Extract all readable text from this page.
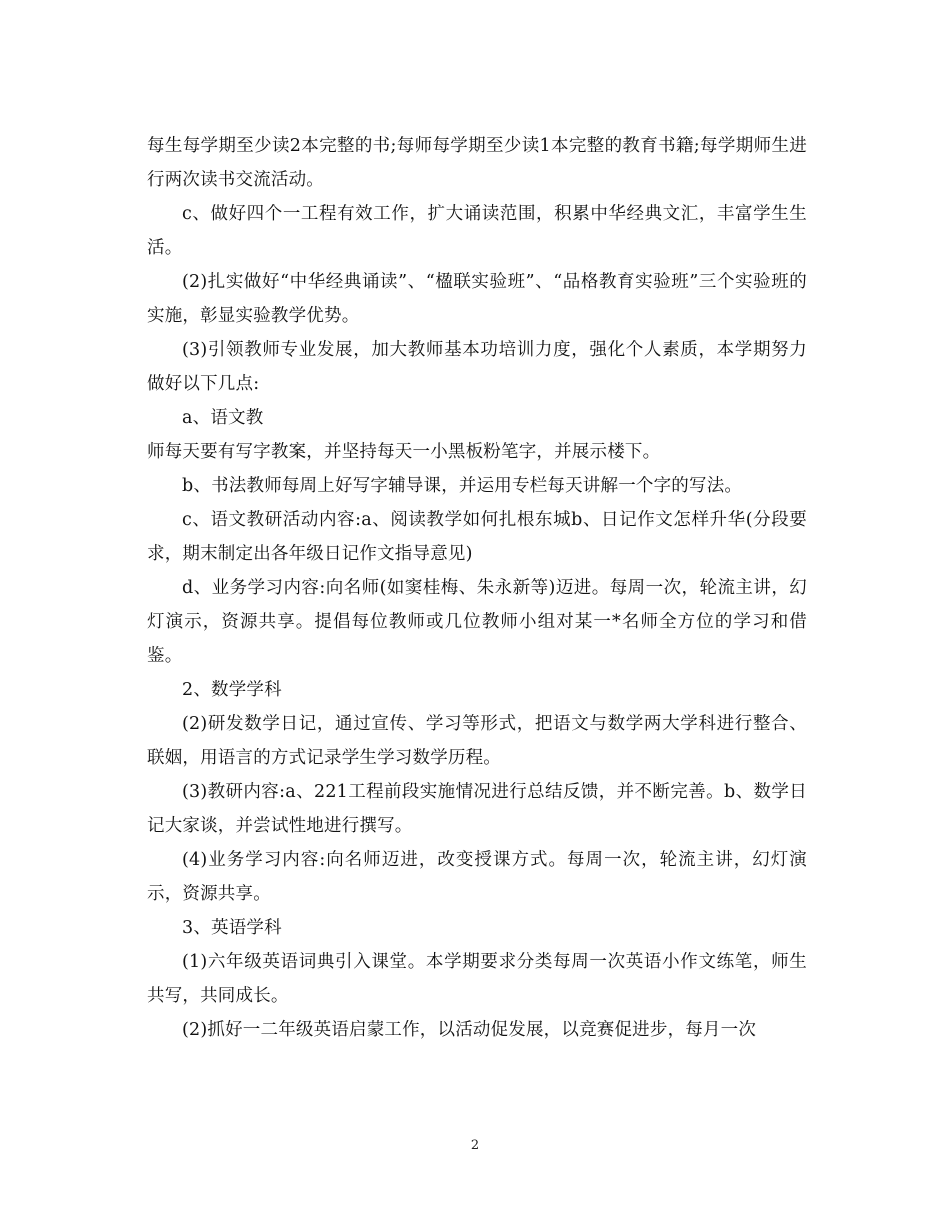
每生每学期至少读2本完整的书;每师每学期至少读1本完整的教育书籍;每学期师生进行两次读书交流活动。

c、做好四个一工程有效工作，扩大诵读范围，积累中华经典文汇，丰富学生生活。

(2)扎实做好“中华经典诵读”、“楹联实验班”、“品格教育实验班”三个实验班的实施，彰显实验教学优势。

(3)引领教师专业发展，加大教师基本功培训力度，强化个人素质，本学期努力做好以下几点:

a、语文教

师每天要有写字教案，并坚持每天一小黑板粉笔字，并展示楼下。

b、书法教师每周上好写字辅导课，并运用专栏每天讲解一个字的写法。

c、语文教研活动内容:a、阅读教学如何扎根东城b、日记作文怎样升华(分段要求，期末制定出各年级日记作文指导意见)

d、业务学习内容:向名师(如窦桂梅、朱永新等)迈进。每周一次，轮流主讲，幻灯演示，资源共享。提倡每位教师或几位教师小组对某一*名师全方位的学习和借鉴。

2、数学学科

(2)研发数学日记，通过宣传、学习等形式，把语文与数学两大学科进行整合、联姻，用语言的方式记录学生学习数学历程。

(3)教研内容:a、221工程前段实施情况进行总结反馈，并不断完善。b、数学日记大家谈，并尝试性地进行撰写。

(4)业务学习内容:向名师迈进，改变授课方式。每周一次，轮流主讲，幻灯演示，资源共享。

3、英语学科

(1)六年级英语词典引入课堂。本学期要求分类每周一次英语小作文练笔，师生共写，共同成长。

(2)抓好一二年级英语启蒙工作，以活动促发展，以竞赛促进步，每月一次

2
